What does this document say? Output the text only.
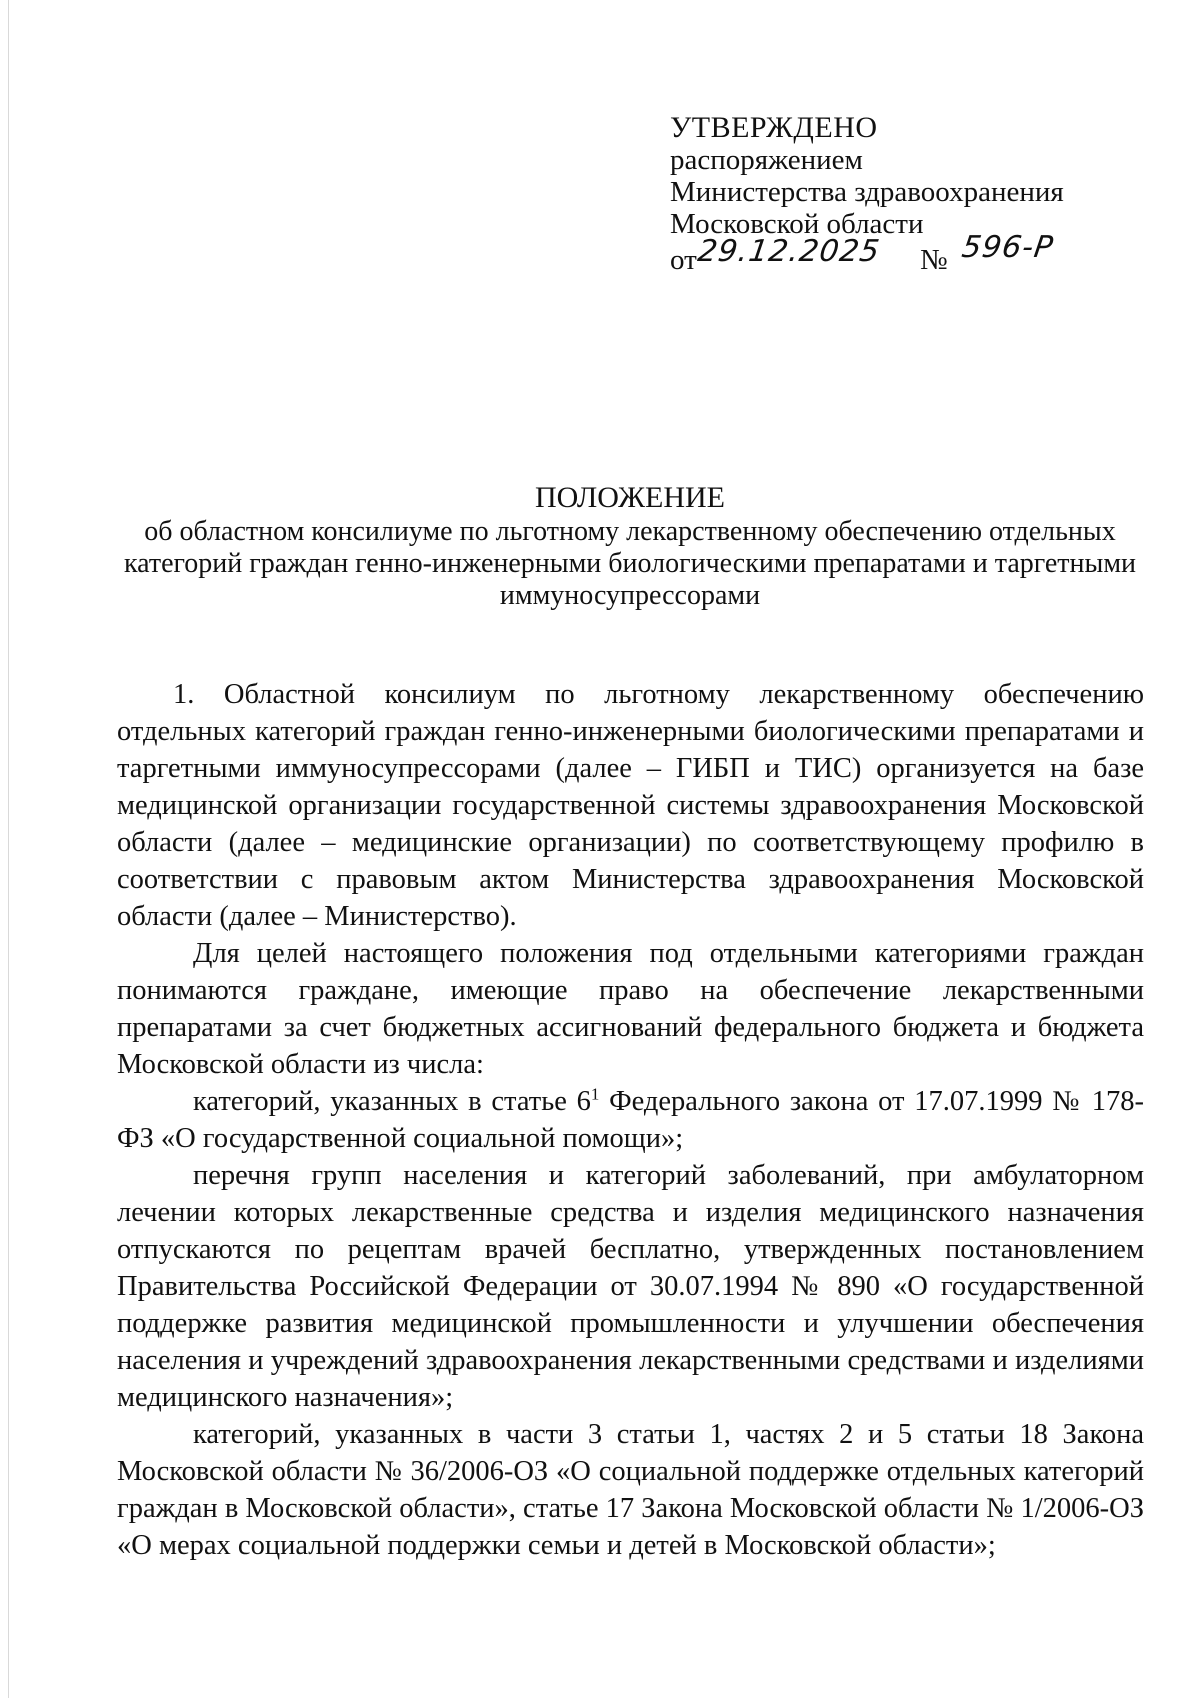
УТВЕРЖДЕНО
распоряжением
Министерства здравоохранения
Московской области
от
29.12.2025 № 596-Р
ПОЛОЖЕНИЕ
об областном консилиуме по льготному лекарственному обеспечению отдельных
категорий граждан генно-инженерными биологическими препаратами и таргетными
иммуносупрессорами

1. Областной консилиум по льготному лекарственному обеспечению отдельных категорий граждан генно-инженерными биологическими препаратами и таргетными иммуносупрессорами (далее – ГИБП и ТИС) организуется на базе медицинской организации государственной системы здравоохранения Московской области (далее – медицинские организации) по соответствующему профилю в соответствии с правовым актом Министерства здравоохранения Московской области (далее – Министерство).

Для целей настоящего положения под отдельными категориями граждан понимаются граждане, имеющие право на обеспечение лекарственными препаратами за счет бюджетных ассигнований федерального бюджета и бюджета Московской области из числа:

категорий, указанных в статье $6^1$ Федерального закона от 17.07.1999 № 178-ФЗ «О государственной социальной помощи»;

перечня групп населения и категорий заболеваний, при амбулаторном лечении которых лекарственные средства и изделия медицинского назначения отпускаются по рецептам врачей бесплатно, утвержденных постановлением Правительства Российской Федерации от 30.07.1994 № 890 «О государственной поддержке развития медицинской промышленности и улучшении обеспечения населения и учреждений здравоохранения лекарственными средствами и изделиями медицинского назначения»;

категорий, указанных в части 3 статьи 1, частях 2 и 5 статьи 18 Закона Московской области № 36/2006-ОЗ «О социальной поддержке отдельных категорий граждан в Московской области», статье 17 Закона Московской области № 1/2006-ОЗ «О мерах социальной поддержки семьи и детей в Московской области»;
